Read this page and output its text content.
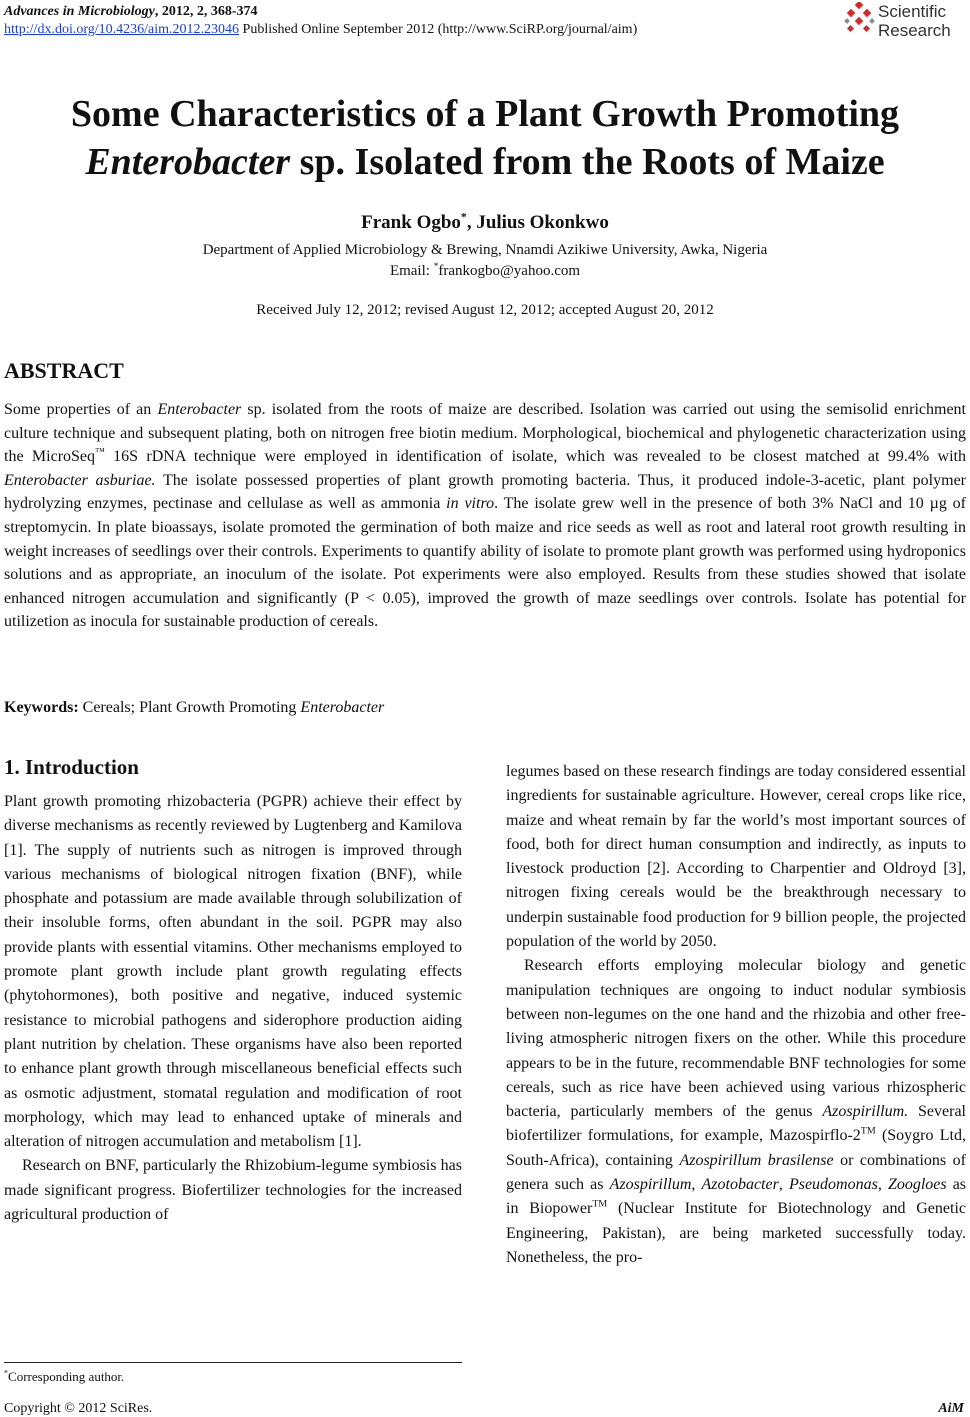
Advances in Microbiology, 2012, 2, 368-374
http://dx.doi.org/10.4236/aim.2012.23046 Published Online September 2012 (http://www.SciRP.org/journal/aim)
Scientific
Research
Some Characteristics of a Plant Growth Promoting
Enterobacter sp. Isolated from the Roots of Maize
Frank Ogbo*, Julius Okonkwo
Department of Applied Microbiology & Brewing, Nnamdi Azikiwe University, Awka, Nigeria
Email: *frankogbo@yahoo.com
Received July 12, 2012; revised August 12, 2012; accepted August 20, 2012
ABSTRACT
Some properties of an Enterobacter sp. isolated from the roots of maize are described. Isolation was carried out using the semisolid enrichment culture technique and subsequent plating, both on nitrogen free biotin medium. Morphological, biochemical and phylogenetic characterization using the MicroSeq™ 16S rDNA technique were employed in identification of isolate, which was revealed to be closest matched at 99.4% with Enterobacter asburiae. The isolate possessed properties of plant growth promoting bacteria. Thus, it produced indole-3-acetic, plant polymer hydrolyzing enzymes, pectinase and cellulase as well as ammonia in vitro. The isolate grew well in the presence of both 3% NaCl and 10 µg of streptomycin. In plate bioassays, isolate promoted the germination of both maize and rice seeds as well as root and lateral root growth resulting in weight increases of seedlings over their controls. Experiments to quantify ability of isolate to promote plant growth was performed using hydroponics solutions and as appropriate, an inoculum of the isolate. Pot experiments were also employed. Results from these studies showed that isolate enhanced nitrogen accumulation and significantly (P < 0.05), improved the growth of maze seedlings over controls. Isolate has potential for utilizetion as inocula for sustainable production of cereals.
Keywords: Cereals; Plant Growth Promoting Enterobacter
1. Introduction

Plant growth promoting rhizobacteria (PGPR) achieve their effect by diverse mechanisms as recently reviewed by Lugtenberg and Kamilova [1]. The supply of nutrients such as nitrogen is improved through various mechanisms of biological nitrogen fixation (BNF), while phosphate and potassium are made available through solubilization of their insoluble forms, often abundant in the soil. PGPR may also provide plants with essential vitamins. Other mechanisms employed to promote plant growth include plant growth regulating effects (phytohormones), both positive and negative, induced systemic resistance to microbial pathogens and siderophore production aiding plant nutrition by chelation. These organisms have also been reported to enhance plant growth through miscellaneous beneficial effects such as osmotic adjustment, stomatal regulation and modification of root morphology, which may lead to enhanced uptake of minerals and alteration of nitrogen accumulation and metabolism [1].

Research on BNF, particularly the Rhizobium-legume symbiosis has made significant progress. Biofertilizer technologies for the increased agricultural production of

legumes based on these research findings are today considered essential ingredients for sustainable agriculture. However, cereal crops like rice, maize and wheat remain by far the world’s most important sources of food, both for direct human consumption and indirectly, as inputs to livestock production [2]. According to Charpentier and Oldroyd [3], nitrogen fixing cereals would be the breakthrough necessary to underpin sustainable food production for 9 billion people, the projected population of the world by 2050.

Research efforts employing molecular biology and genetic manipulation techniques are ongoing to induct nodular symbiosis between non-legumes on the one hand and the rhizobia and other free-living atmospheric nitrogen fixers on the other. While this procedure appears to be in the future, recommendable BNF technologies for some cereals, such as rice have been achieved using various rhizospheric bacteria, particularly members of the genus Azospirillum. Several biofertilizer formulations, for example, Mazospirflo-2™ (Soygro Ltd, South-Africa), containing Azospirillum brasilense or combinations of genera such as Azospirillum, Azotobacter, Pseudomonas, Zoogloes as in Biopower™ (Nuclear Institute for Biotechnology and Genetic Engineering, Pakistan), are being marketed successfully today. Nonetheless, the pro-

*Corresponding author.
Copyright © 2012 SciRes.	AiM
